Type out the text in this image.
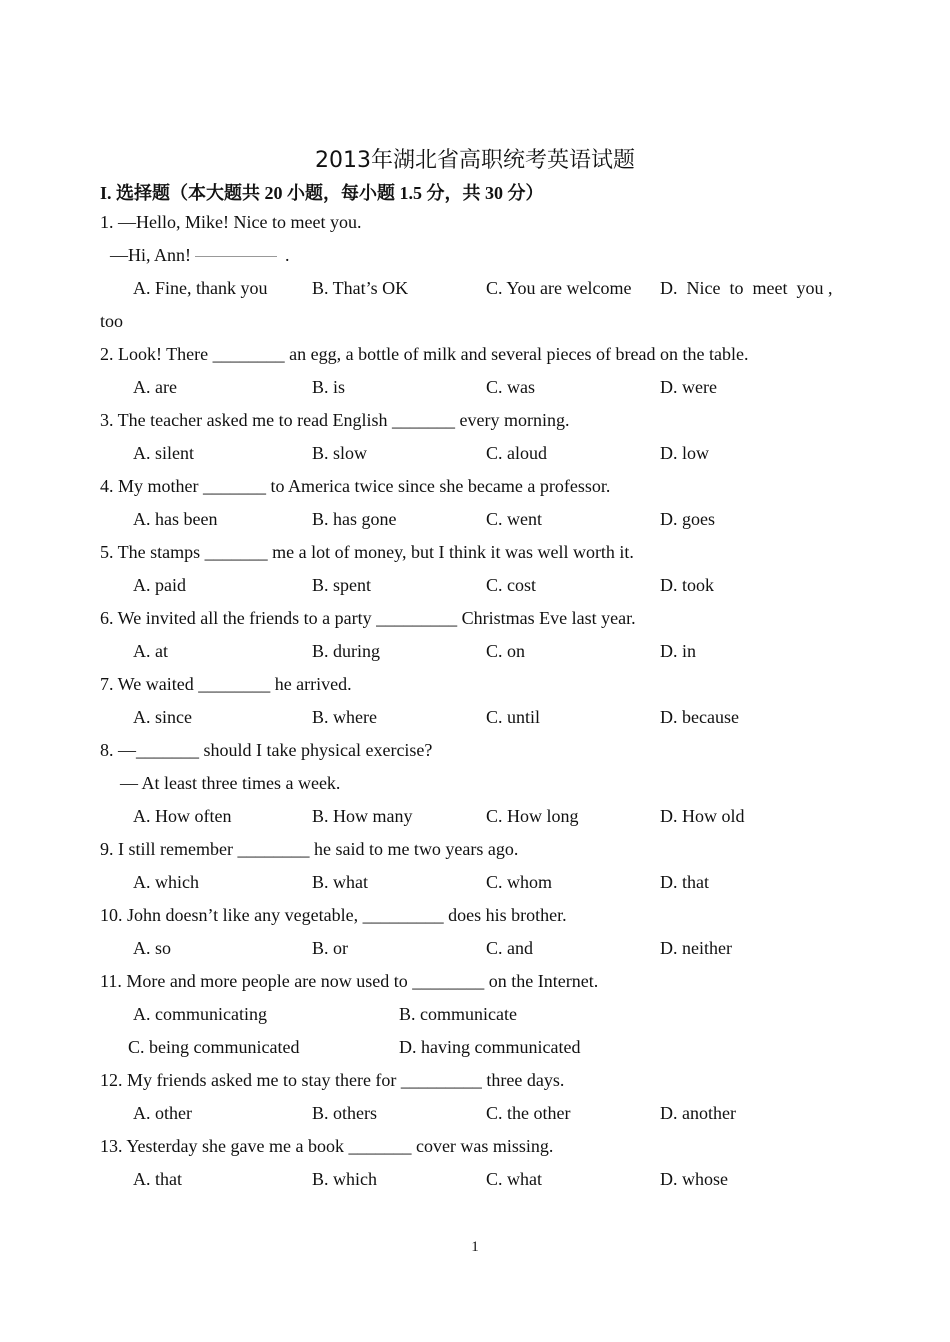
2013年湖北省高职统考英语试题
I. 选择题（本大题共 20 小题，每小题 1.5 分，共 30 分）
1. —Hello, Mike! Nice to meet you.
—Hi, Ann!	.
A. Fine, thank you B. That’s OK	C. You are welcome D.  Nice  to  meet  you ,
too
2. Look! There ________ an egg, a bottle of milk and several pieces of bread on the table.
A. are	B. is	C. was	D. were
3. The teacher asked me to read English _______ every morning.
A. silent	B. slow	C. aloud	D. low
4. My mother _______ to America twice since she became a professor.
A. has been	B. has gone	C. went	D. goes
5. The stamps _______ me a lot of money, but I think it was well worth it.
A. paid	B. spent	C. cost	D. took
6. We invited all the friends to a party _________ Christmas Eve last year.
A. at	B. during	C. on	D. in
7. We waited ________ he arrived.
A. since	B. where	C. until	D. because
8. —_______ should I take physical exercise?
— At least three times a week.
A. How often	B. How many	C. How long	D. How old
9. I still remember ________ he said to me two years ago.
A. which	B. what	C. whom	D. that
10. John doesn’t like any vegetable, _________ does his brother.
A. so	B. or	C. and	D. neither
11. More and more people are now used to ________ on the Internet.
A. communicating	B. communicate
C. being communicated	D. having communicated
12. My friends asked me to stay there for _________ three days.
A. other	B. others	C. the other	D. another
13. Yesterday she gave me a book _______ cover was missing.
A. that	B. which	C. what	D. whose
1
